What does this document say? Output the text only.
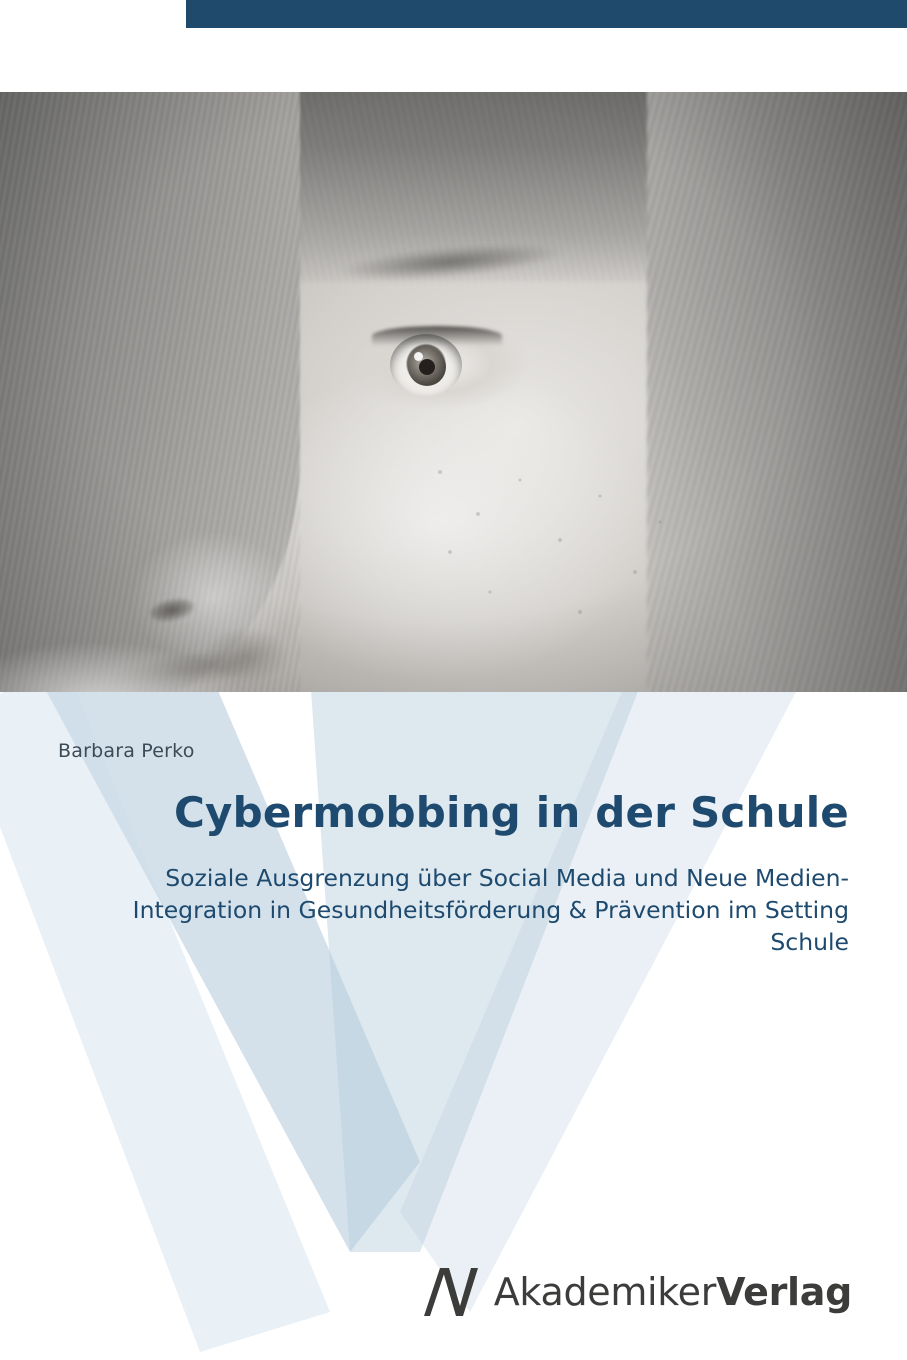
Barbara Perko
Cybermobbing in der Schule
Soziale Ausgrenzung über Social Media und Neue Medien-Integration in Gesundheitsförderung & Prävention im Setting Schule
AkademikerVerlag
